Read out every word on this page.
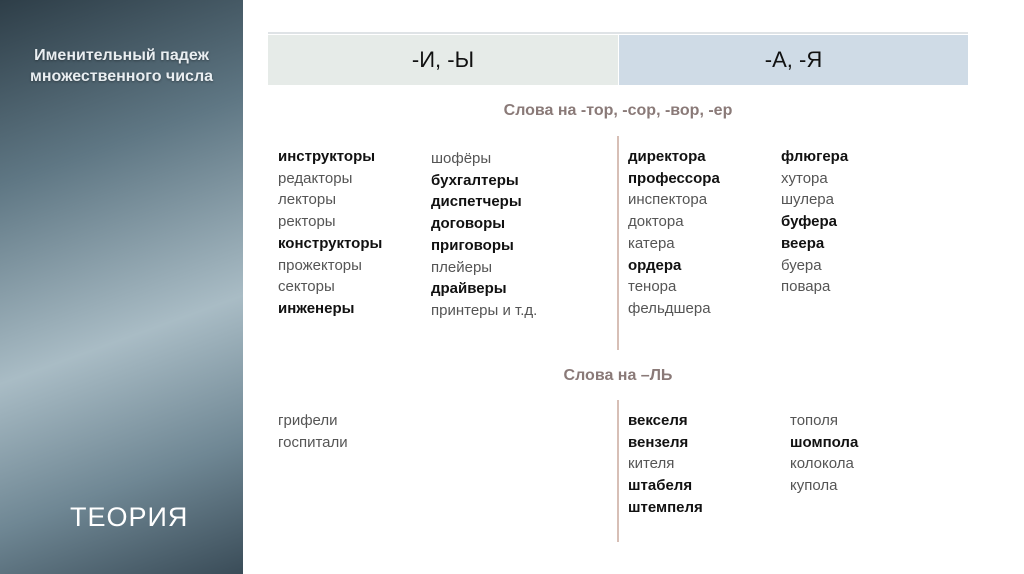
Именительный падеж
множественного числа
ТЕОРИЯ
-И, -Ы	-А, -Я
Слова на -тор, -сор, -вор, -ер
инструкторы
редакторы
лекторы
ректоры
конструкторы
прожекторы
секторы
инженеры
шофёры
бухгалтеры
диспетчеры
договоры
приговоры
плейеры
драйверы
принтеры и т.д.
директора
профессора
инспектора
доктора
катера
ордера
тенора
фельдшера
флюгера
хутора
шулера
буфера
веера
буера
повара
Слова на –ЛЬ
грифели
госпитали
векселя
вензеля
кителя
штабеля
штемпеля
тополя
шомпола
колокола
купола
